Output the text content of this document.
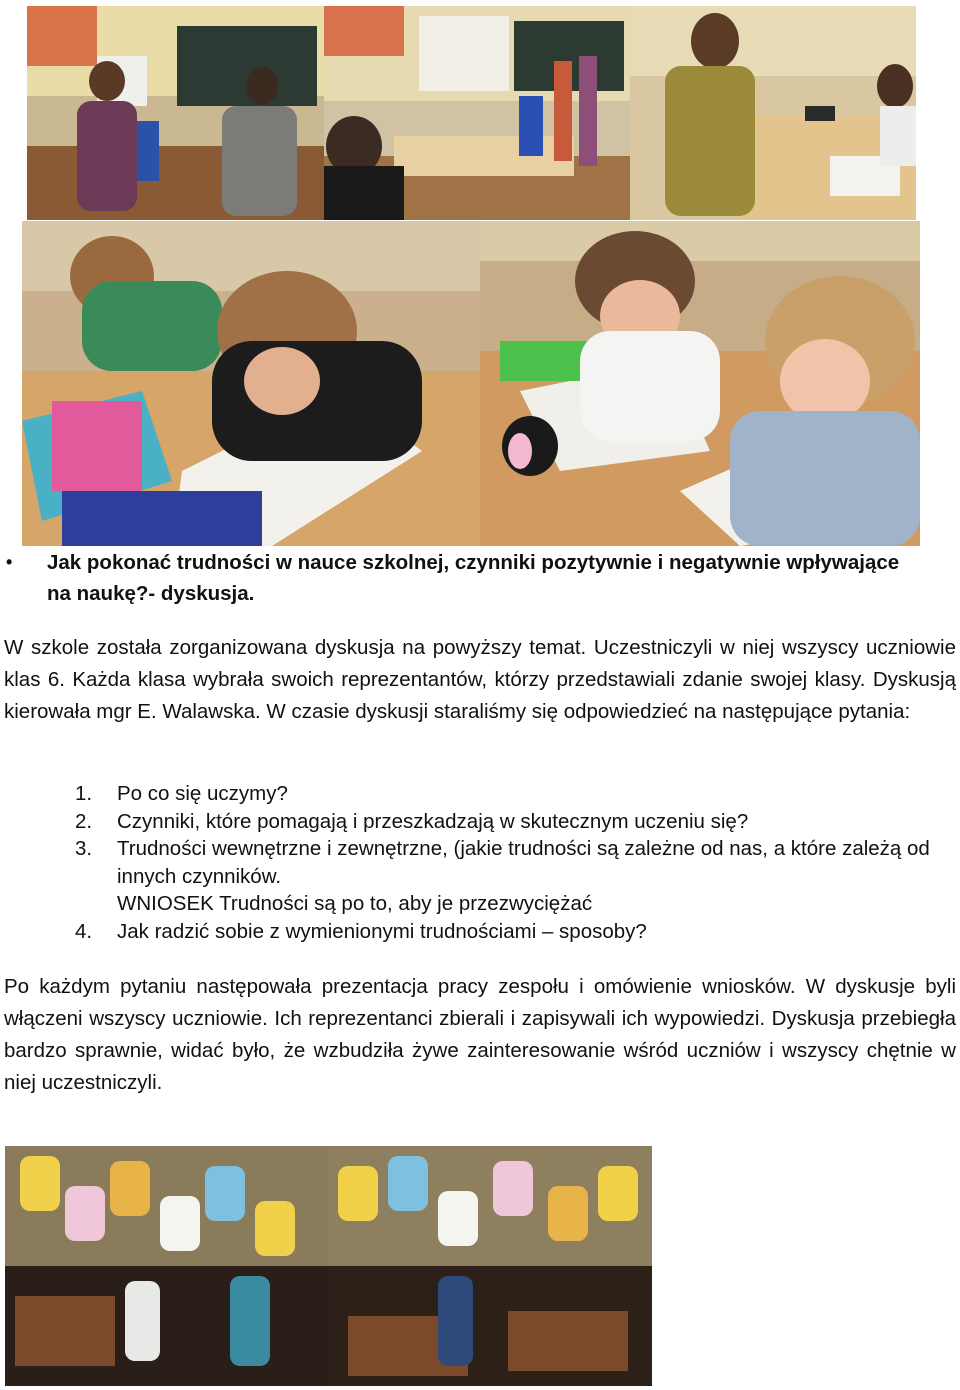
• Jak pokonać trudności w nauce szkolnej, czynniki pozytywnie i negatywnie wpływające na naukę?- dyskusja.
W szkole została zorganizowana dyskusja na powyższy temat. Uczestniczyli w niej wszyscy uczniowie klas 6. Każda klasa wybrała swoich reprezentantów, którzy przedstawiali zdanie swojej klasy. Dyskusją kierowała mgr E. Walawska. W czasie dyskusji staraliśmy się odpowiedzieć na następujące pytania:
1. Po co się uczymy?
2. Czynniki, które pomagają i przeszkadzają w skutecznym uczeniu się?
3. Trudności wewnętrzne i zewnętrzne, (jakie trudności są zależne od nas, a które zależą od innych czynników.
WNIOSEK Trudności są po to, aby je przezwyciężać
4. Jak radzić sobie z wymienionymi trudnościami – sposoby?
Po każdym pytaniu następowała prezentacja pracy zespołu i omówienie wniosków. W dyskusje byli włączeni wszyscy uczniowie. Ich reprezentanci zbierali i zapisywali ich wypowiedzi. Dyskusja przebiegła bardzo sprawnie, widać było, że wzbudziła żywe zainteresowanie wśród uczniów i wszyscy chętnie w niej uczestniczyli.
